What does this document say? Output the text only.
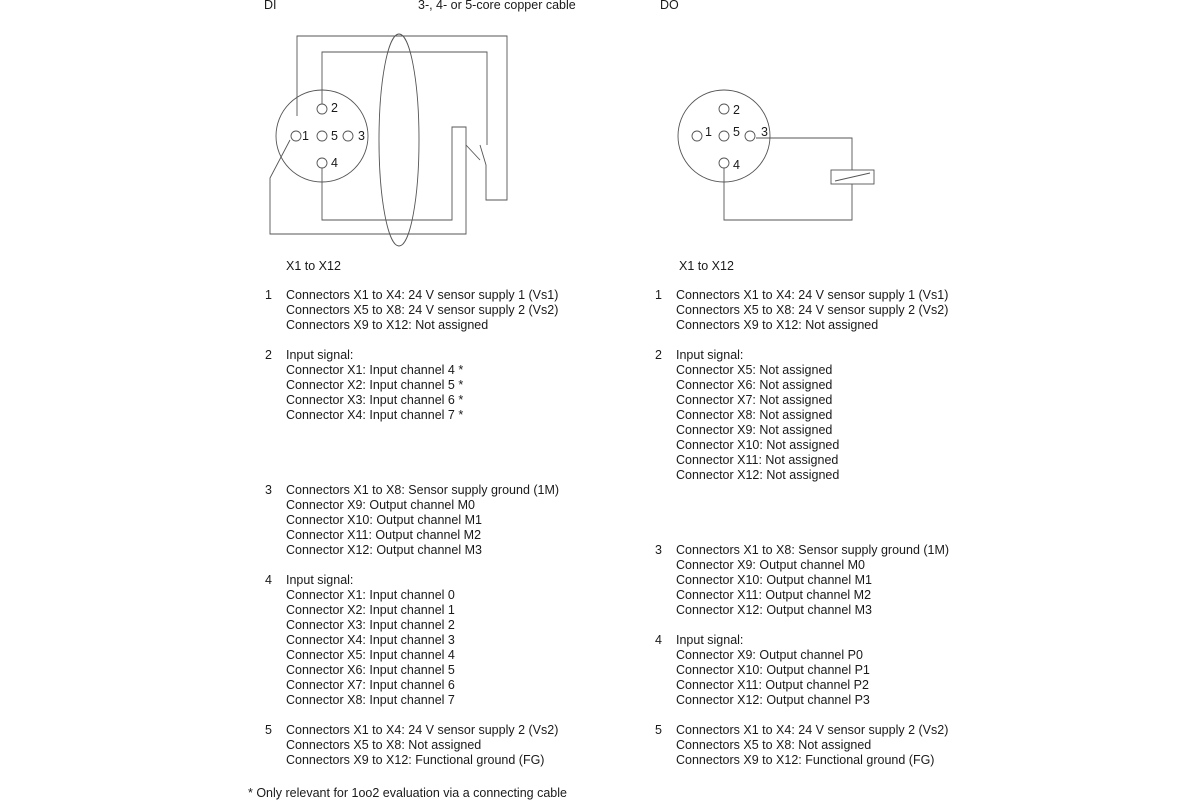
DI	3-, 4- or 5-core copper cable	DO
1
2
3
4
5	1
2
3
4
5
X1 to X12	X1 to X12
1	Connectors X1 to X4: 24 V sensor supply 1 (Vs1)
Connectors X5 to X8: 24 V sensor supply 2 (Vs2)
Connectors X9 to X12: Not assigned
2	Input signal:
Connector X1: Input channel 4 *
Connector X2: Input channel 5 *
Connector X3: Input channel 6 *
Connector X4: Input channel 7 *
3	Connectors X1 to X8: Sensor supply ground (1M)
Connector X9: Output channel M0
Connector X10: Output channel M1
Connector X11: Output channel M2
Connector X12: Output channel M3
4	Input signal:
Connector X1: Input channel 0
Connector X2: Input channel 1
Connector X3: Input channel 2
Connector X4: Input channel 3
Connector X5: Input channel 4
Connector X6: Input channel 5
Connector X7: Input channel 6
Connector X8: Input channel 7
5	Connectors X1 to X4: 24 V sensor supply 2 (Vs2)
Connectors X5 to X8: Not assigned
Connectors X9 to X12: Functional ground (FG)
1	Connectors X1 to X4: 24 V sensor supply 1 (Vs1)
Connectors X5 to X8: 24 V sensor supply 2 (Vs2)
Connectors X9 to X12: Not assigned
2	Input signal:
Connector X5: Not assigned
Connector X6: Not assigned
Connector X7: Not assigned
Connector X8: Not assigned
Connector X9: Not assigned
Connector X10: Not assigned
Connector X11: Not assigned
Connector X12: Not assigned
3	Connectors X1 to X8: Sensor supply ground (1M)
Connector X9: Output channel M0
Connector X10: Output channel M1
Connector X11: Output channel M2
Connector X12: Output channel M3
4	Input signal:
Connector X9: Output channel P0
Connector X10: Output channel P1
Connector X11: Output channel P2
Connector X12: Output channel P3
5	Connectors X1 to X4: 24 V sensor supply 2 (Vs2)
Connectors X5 to X8: Not assigned
Connectors X9 to X12: Functional ground (FG)
* Only relevant for 1oo2 evaluation via a connecting cable
